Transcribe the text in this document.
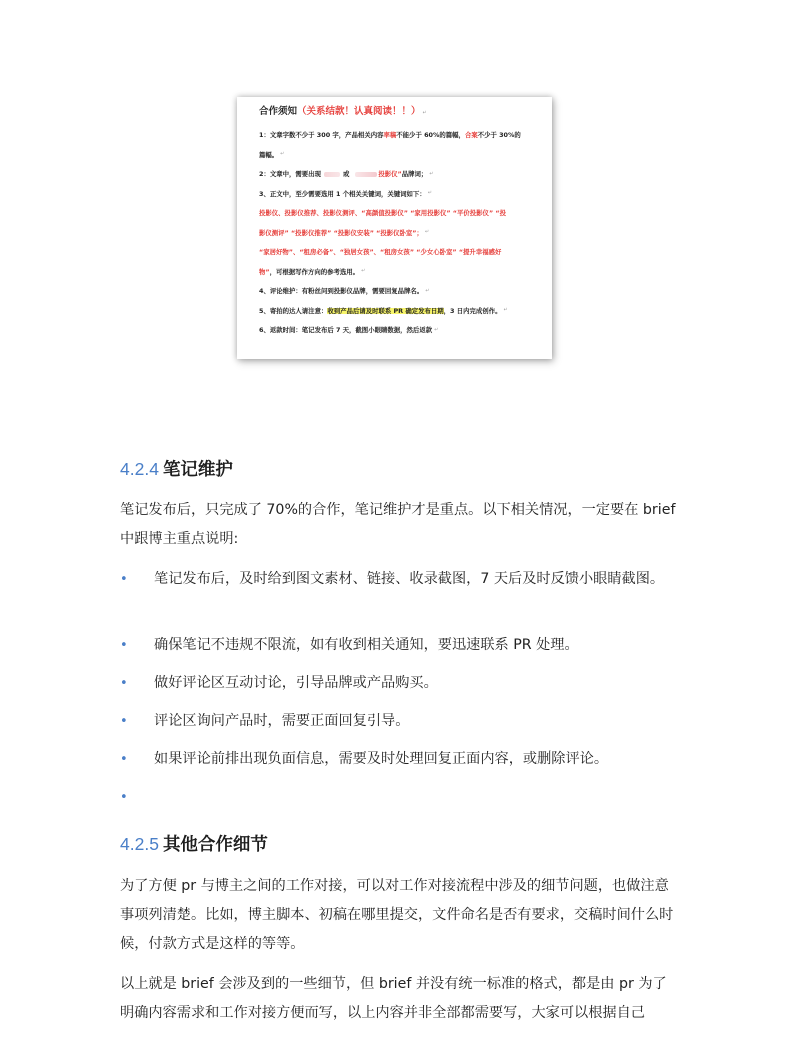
合作须知（关系结款！认真阅读！！） ↵
1：文章字数不少于 300 字，产品相关内容 率稿 不能少于 60%的篇幅， 合案 不少于 30%的
篇幅。 ↵
2：文章中，需要出现	或	投影仪” 品牌词； ↵
3、正文中，至少需要选用 1 个相关关键词，关键词如下： ↵
投影仪、投影仪推荐、投影仪测评、“高颜值投影仪” “家用投影仪” “平价投影仪” “投
影仪测评” “投影仪推荐” “投影仪安装” “投影仪卧室”； ↵
“家居好物”、“租房必备”、“独居女孩”、“租房女孩” “少女心卧室” “提升幸福感好
物” ，可根据写作方向的参考选用。 ↵
4、评论维护：有粉丝问到投影仪品牌，需要回复品牌名。 ↵
5、寄拍的达人请注意： 收到产品后请及时联系 PR 确定发布日期 ，3 日内完成创作。 ↵
6、返款时间：笔记发布后 7 天，截图小眼睛数据，然后返款 ↵
4.2.4 笔记维护
笔记发布后，只完成了 70%的合作，笔记维护才是重点。以下相关情况，一定要在 brief 中跟博主重点说明:
•	笔记发布后，及时给到图文素材、链接、收录截图，7 天后及时反馈小眼睛截图。
•	确保笔记不违规不限流，如有收到相关通知，要迅速联系 PR 处理。
•	做好评论区互动讨论，引导品牌或产品购买。
•	评论区询问产品时，需要正面回复引导。
•	如果评论前排出现负面信息，需要及时处理回复正面内容，或删除评论。
•
4.2.5 其他合作细节
为了方便 pr 与博主之间的工作对接，可以对工作对接流程中涉及的细节问题，也做注意事项列清楚。比如，博主脚本、初稿在哪里提交，文件命名是否有要求，交稿时间什么时候，付款方式是这样的等等。
以上就是 brief 会涉及到的一些细节，但 brief 并没有统一标准的格式，都是由 pr 为了明确内容需求和工作对接方便而写，以上内容并非全部都需要写，大家可以根据自己
